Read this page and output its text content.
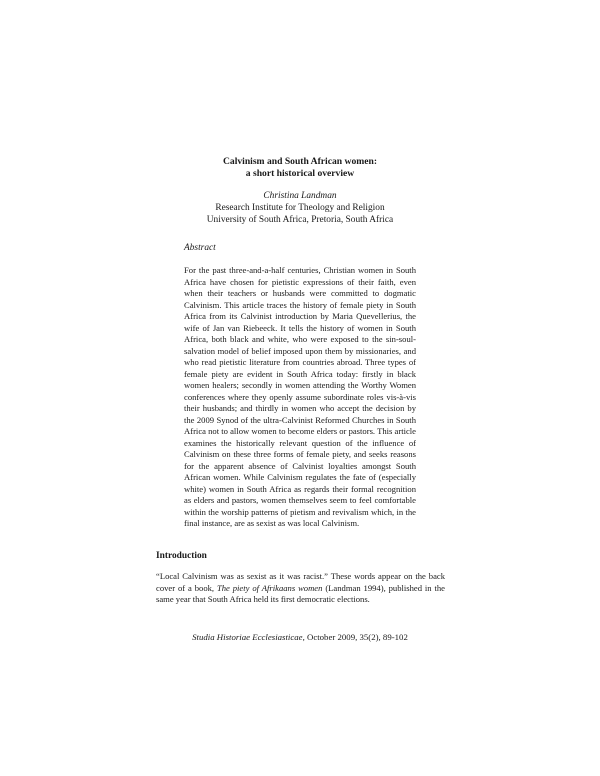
Calvinism and South African women:
a short historical overview
Christina Landman
Research Institute for Theology and Religion
University of South Africa, Pretoria, South Africa
Abstract
For the past three-and-a-half centuries, Christian women in South Africa have chosen for pietistic expressions of their faith, even when their teachers or husbands were committed to dogmatic Calvinism. This article traces the history of female piety in South Africa from its Calvinist introduction by Maria Quevellerius, the wife of Jan van Riebeeck. It tells the history of women in South Africa, both black and white, who were exposed to the sin-soul-salvation model of belief imposed upon them by missionaries, and who read pietistic literature from countries abroad. Three types of female piety are evident in South Africa today: firstly in black women healers; secondly in women attending the Worthy Women conferences where they openly assume subordinate roles vis-à-vis their husbands; and thirdly in women who accept the decision by the 2009 Synod of the ultra-Calvinist Reformed Churches in South Africa not to allow women to become elders or pastors. This article examines the historically relevant question of the influence of Calvinism on these three forms of female piety, and seeks reasons for the apparent absence of Calvinist loyalties amongst South African women. While Calvinism regulates the fate of (especially white) women in South Africa as regards their formal recognition as elders and pastors, women themselves seem to feel comfortable within the worship patterns of pietism and revivalism which, in the final instance, are as sexist as was local Calvinism.
Introduction
“Local Calvinism was as sexist as it was racist.” These words appear on the back cover of a book, The piety of Afrikaans women (Landman 1994), published in the same year that South Africa held its first democratic elections.
Studia Historiae Ecclesiasticae, October 2009, 35(2), 89-102
